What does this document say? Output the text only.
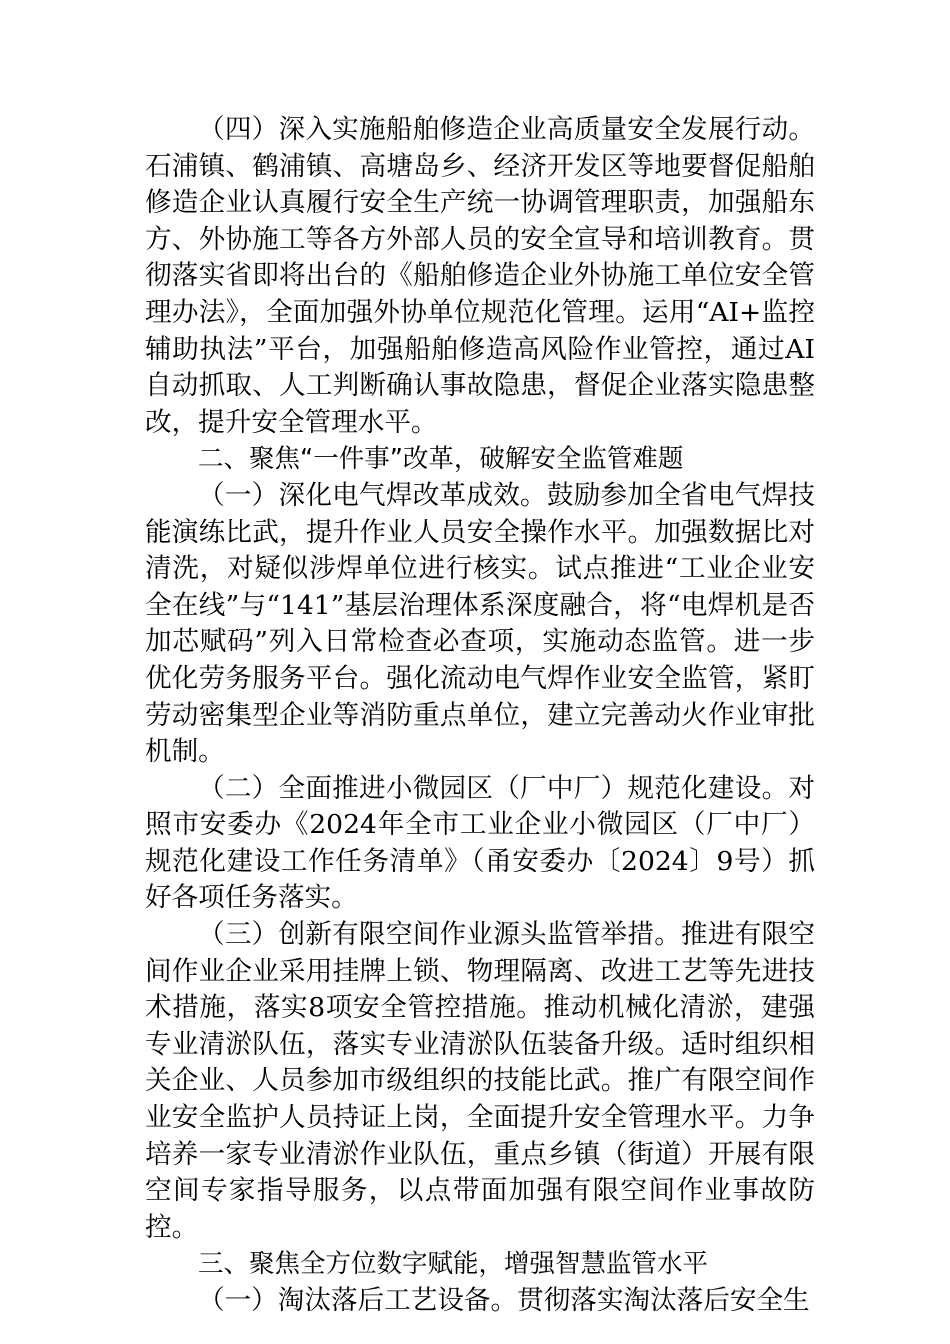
（四）深入实施船舶修造企业高质量安全发展行动。石浦镇、鹤浦镇、高塘岛乡、经济开发区等地要督促船舶修造企业认真履行安全生产统一协调管理职责，加强船东方、外协施工等各方外部人员的安全宣导和培训教育。贯彻落实省即将出台的《船舶修造企业外协施工单位安全管理办法》，全面加强外协单位规范化管理。运用“AI+监控辅助执法”平台，加强船舶修造高风险作业管控，通过AI自动抓取、人工判断确认事故隐患，督促企业落实隐患整改，提升安全管理水平。

二、聚焦“一件事”改革，破解安全监管难题

（一）深化电气焊改革成效。鼓励参加全省电气焊技能演练比武，提升作业人员安全操作水平。加强数据比对清洗，对疑似涉焊单位进行核实。试点推进“工业企业安全在线”与“141”基层治理体系深度融合，将“电焊机是否加芯赋码”列入日常检查必查项，实施动态监管。进一步优化劳务服务平台。强化流动电气焊作业安全监管，紧盯劳动密集型企业等消防重点单位，建立完善动火作业审批机制。

（二）全面推进小微园区（厂中厂）规范化建设。对照市安委办《2024年全市工业企业小微园区（厂中厂）规范化建设工作任务清单》（甬安委办〔2024〕9号）抓好各项任务落实。

（三）创新有限空间作业源头监管举措。推进有限空间作业企业采用挂牌上锁、物理隔离、改进工艺等先进技术措施，落实8项安全管控措施。推动机械化清淤，建强专业清淤队伍，落实专业清淤队伍装备升级。适时组织相关企业、人员参加市级组织的技能比武。推广有限空间作业安全监护人员持证上岗，全面提升安全管理水平。力争培养一家专业清淤作业队伍，重点乡镇（街道）开展有限空间专家指导服务，以点带面加强有限空间作业事故防控。

三、聚焦全方位数字赋能，增强智慧监管水平

（一）淘汰落后工艺设备。贯彻落实淘汰落后安全生
